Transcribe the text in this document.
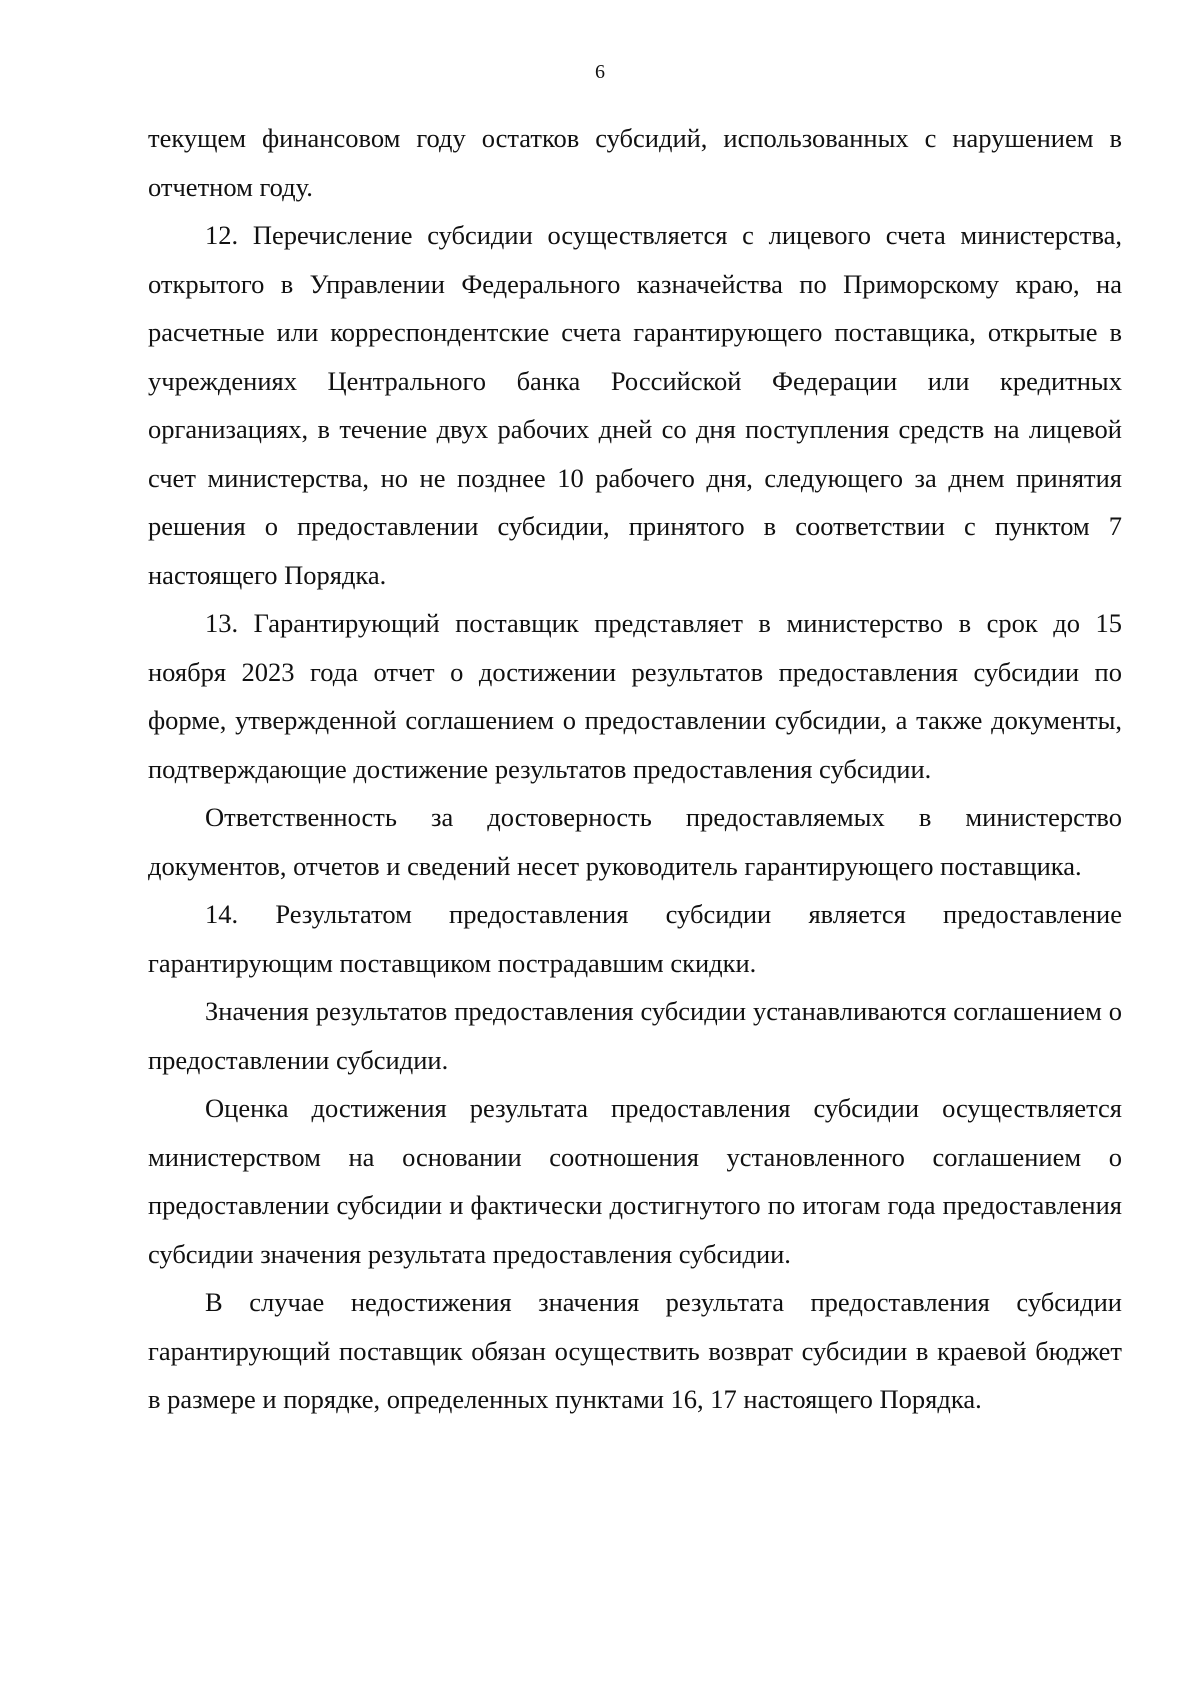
6

текущем финансовом году остатков субсидий, использованных с нарушением в отчетном году.

12. Перечисление субсидии осуществляется с лицевого счета министерства, открытого в Управлении Федерального казначейства по Приморскому краю, на расчетные или корреспондентские счета гарантирующего поставщика, открытые в учреждениях Центрального банка Российской Федерации или кредитных организациях, в течение двух рабочих дней со дня поступления средств на лицевой счет министерства, но не позднее 10 рабочего дня, следующего за днем принятия решения о предоставлении субсидии, принятого в соответствии с пунктом 7 настоящего Порядка.

13. Гарантирующий поставщик представляет в министерство в срок до 15 ноября 2023 года отчет о достижении результатов предоставления субсидии по форме, утвержденной соглашением о предоставлении субсидии, а также документы, подтверждающие достижение результатов предоставления субсидии.

Ответственность за достоверность предоставляемых в министерство документов, отчетов и сведений несет руководитель гарантирующего поставщика.

14. Результатом предоставления субсидии является предоставление гарантирующим поставщиком пострадавшим скидки.

Значения результатов предоставления субсидии устанавливаются соглашением о предоставлении субсидии.

Оценка достижения результата предоставления субсидии осуществляется министерством на основании соотношения установленного соглашением о предоставлении субсидии и фактически достигнутого по итогам года предоставления субсидии значения результата предоставления субсидии.

В случае недостижения значения результата предоставления субсидии гарантирующий поставщик обязан осуществить возврат субсидии в краевой бюджет в размере и порядке, определенных пунктами 16, 17 настоящего Порядка.
